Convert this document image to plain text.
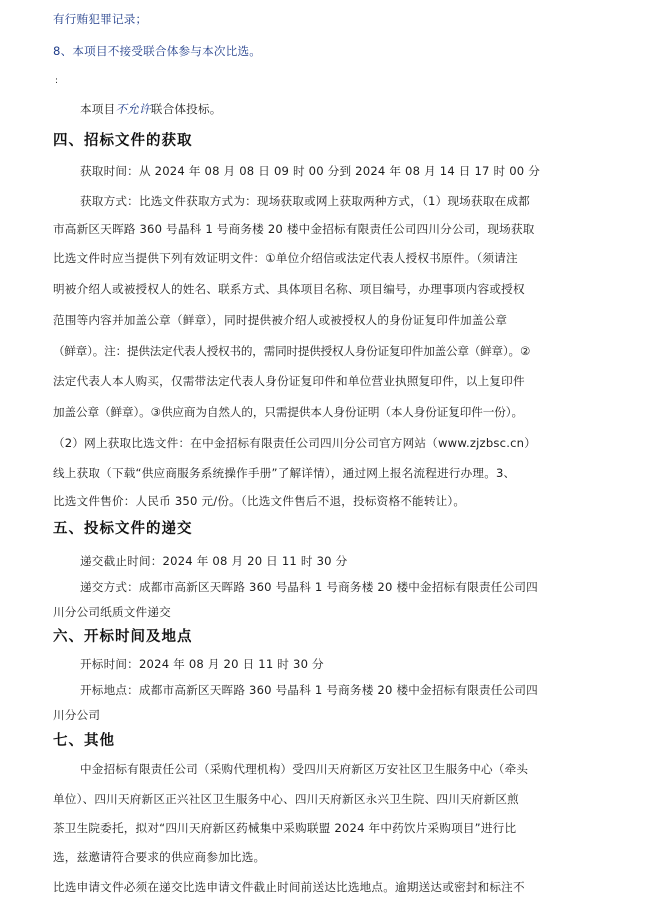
有行贿犯罪记录；
8、本项目不接受联合体参与本次比选。
:
本项目不允许联合体投标。
四、招标文件的获取
获取时间：从 2024 年 08 月 08 日 09 时 00 分到 2024 年 08 月 14 日 17 时 00 分
获取方式：比选文件获取方式为：现场获取或网上获取两种方式，（1）现场获取在成都
市高新区天晖路 360 号晶科 1 号商务楼 20 楼中金招标有限责任公司四川分公司，现场获取
比选文件时应当提供下列有效证明文件：①单位介绍信或法定代表人授权书原件。（须请注
明被介绍人或被授权人的姓名、联系方式、具体项目名称、项目编号，办理事项内容或授权
范围等内容并加盖公章（鲜章），同时提供被介绍人或被授权人的身份证复印件加盖公章
（鲜章）。注：提供法定代表人授权书的，需同时提供授权人身份证复印件加盖公章（鲜章）。②
法定代表人本人购买，仅需带法定代表人身份证复印件和单位营业执照复印件，以上复印件
加盖公章（鲜章）。③供应商为自然人的，只需提供本人身份证明（本人身份证复印件一份）。
（2）网上获取比选文件：在中金招标有限责任公司四川分公司官方网站（www.zjzbsc.cn）
线上获取（下载“供应商服务系统操作手册”了解详情），通过网上报名流程进行办理。3、
比选文件售价：人民币 350 元/份。（比选文件售后不退，投标资格不能转让）。
五、投标文件的递交
递交截止时间：2024 年 08 月 20 日 11 时 30 分
递交方式：成都市高新区天晖路 360 号晶科 1 号商务楼 20 楼中金招标有限责任公司四
川分公司纸质文件递交
六、开标时间及地点
开标时间：2024 年 08 月 20 日 11 时 30 分
开标地点：成都市高新区天晖路 360 号晶科 1 号商务楼 20 楼中金招标有限责任公司四
川分公司
七、其他
中金招标有限责任公司（采购代理机构）受四川天府新区万安社区卫生服务中心（牵头
单位）、四川天府新区正兴社区卫生服务中心、四川天府新区永兴卫生院、四川天府新区煎
茶卫生院委托，拟对“四川天府新区药械集中采购联盟 2024 年中药饮片采购项目”进行比
选，兹邀请符合要求的供应商参加比选。
比选申请文件必须在递交比选申请文件截止时间前送达比选地点。逾期送达或密封和标注不
